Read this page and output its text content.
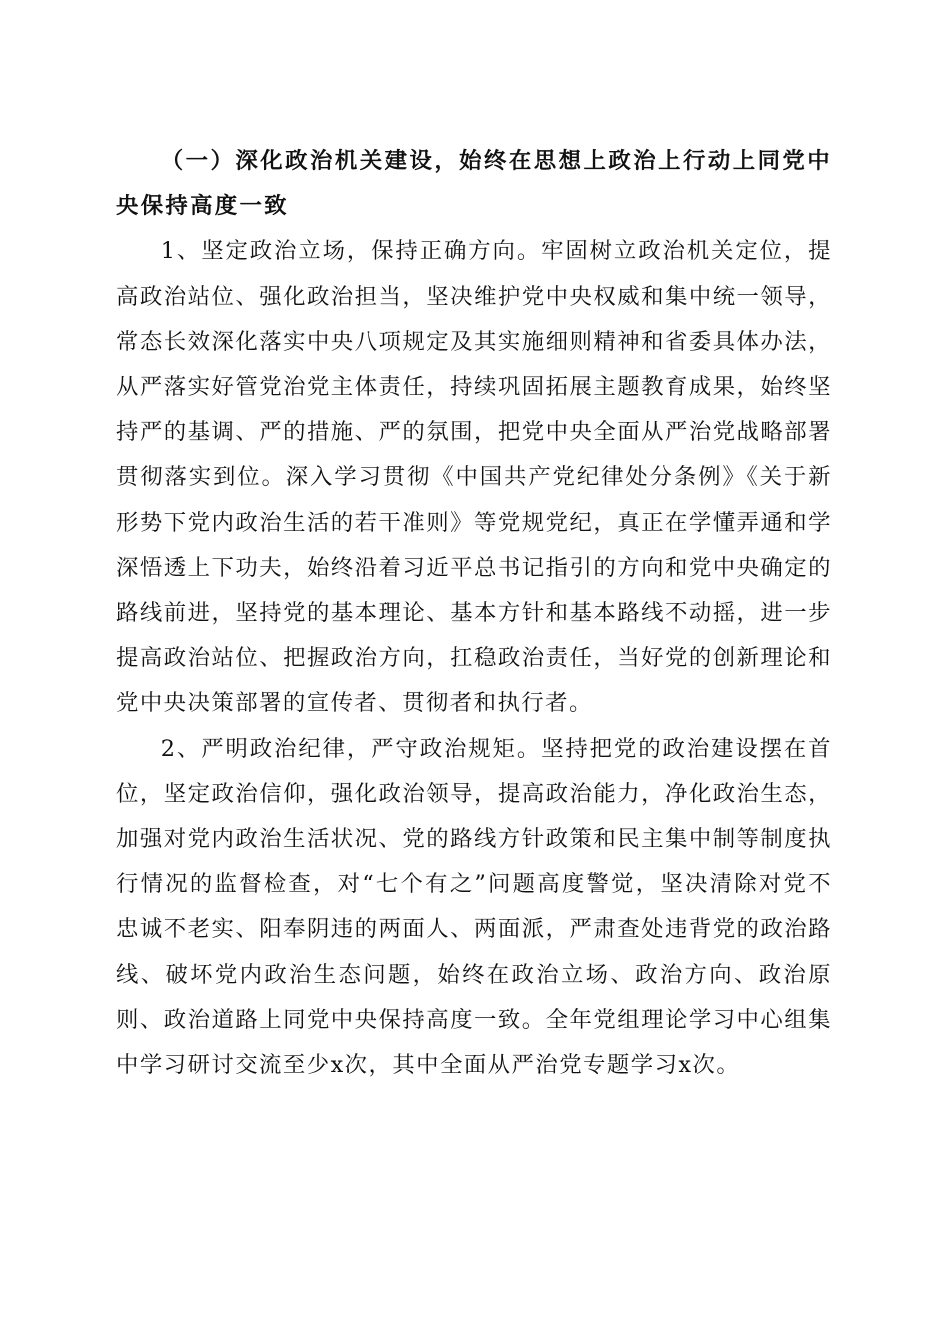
（一）深化政治机关建设，始终在思想上政治上行动上同党中央保持高度一致

1、坚定政治立场，保持正确方向。牢固树立政治机关定位，提高政治站位、强化政治担当，坚决维护党中央权威和集中统一领导，常态长效深化落实中央八项规定及其实施细则精神和省委具体办法，从严落实好管党治党主体责任，持续巩固拓展主题教育成果，始终坚持严的基调、严的措施、严的氛围，把党中央全面从严治党战略部署贯彻落实到位。深入学习贯彻《中国共产党纪律处分条例》《关于新形势下党内政治生活的若干准则》等党规党纪，真正在学懂弄通和学深悟透上下功夫，始终沿着习近平总书记指引的方向和党中央确定的路线前进，坚持党的基本理论、基本方针和基本路线不动摇，进一步提高政治站位、把握政治方向，扛稳政治责任，当好党的创新理论和党中央决策部署的宣传者、贯彻者和执行者。

2、严明政治纪律，严守政治规矩。坚持把党的政治建设摆在首位，坚定政治信仰，强化政治领导，提高政治能力，净化政治生态，加强对党内政治生活状况、党的路线方针政策和民主集中制等制度执行情况的监督检查，对“七个有之”问题高度警觉，坚决清除对党不忠诚不老实、阳奉阴违的两面人、两面派，严肃查处违背党的政治路线、破坏党内政治生态问题，始终在政治立场、政治方向、政治原则、政治道路上同党中央保持高度一致。全年党组理论学习中心组集中学习研讨交流至少x次，其中全面从严治党专题学习x次。
